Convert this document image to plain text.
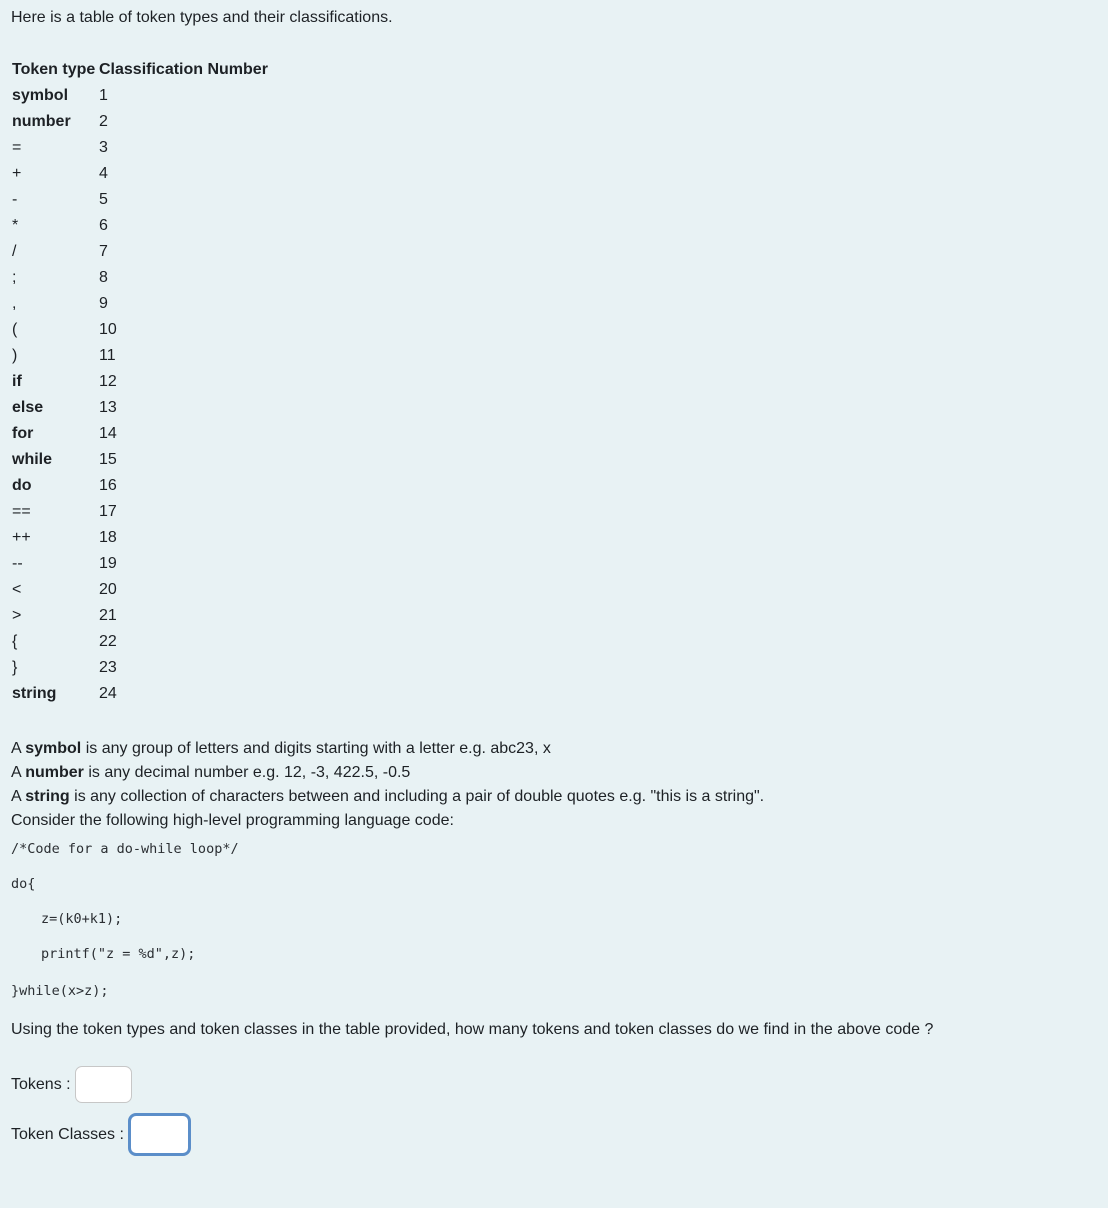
Here is a table of token types and their classifications.

Token type	Classification Number
symbol	1
number	2
=	3
+	4
-	5
*	6
/	7
;	8
,	9
(	10
)	11
if	12
else	13
for	14
while	15
do	16
==	17
++	18
--	19
<	20
>	21
{	22
}	23
string	24

A symbol is any group of letters and digits starting with a letter e.g. abc23, x

A number is any decimal number e.g. 12, -3, 422.5, -0.5

A string is any collection of characters between and including a pair of double quotes e.g. "this is a string".

Consider the following high-level programming language code:

/*Code for a do-while loop*/

do{

z=(k0+k1);

printf("z = %d",z);

}while(x>z);

Using the token types and token classes in the table provided, how many tokens and token classes do we find in the above code ?

Tokens :
Token Classes :
